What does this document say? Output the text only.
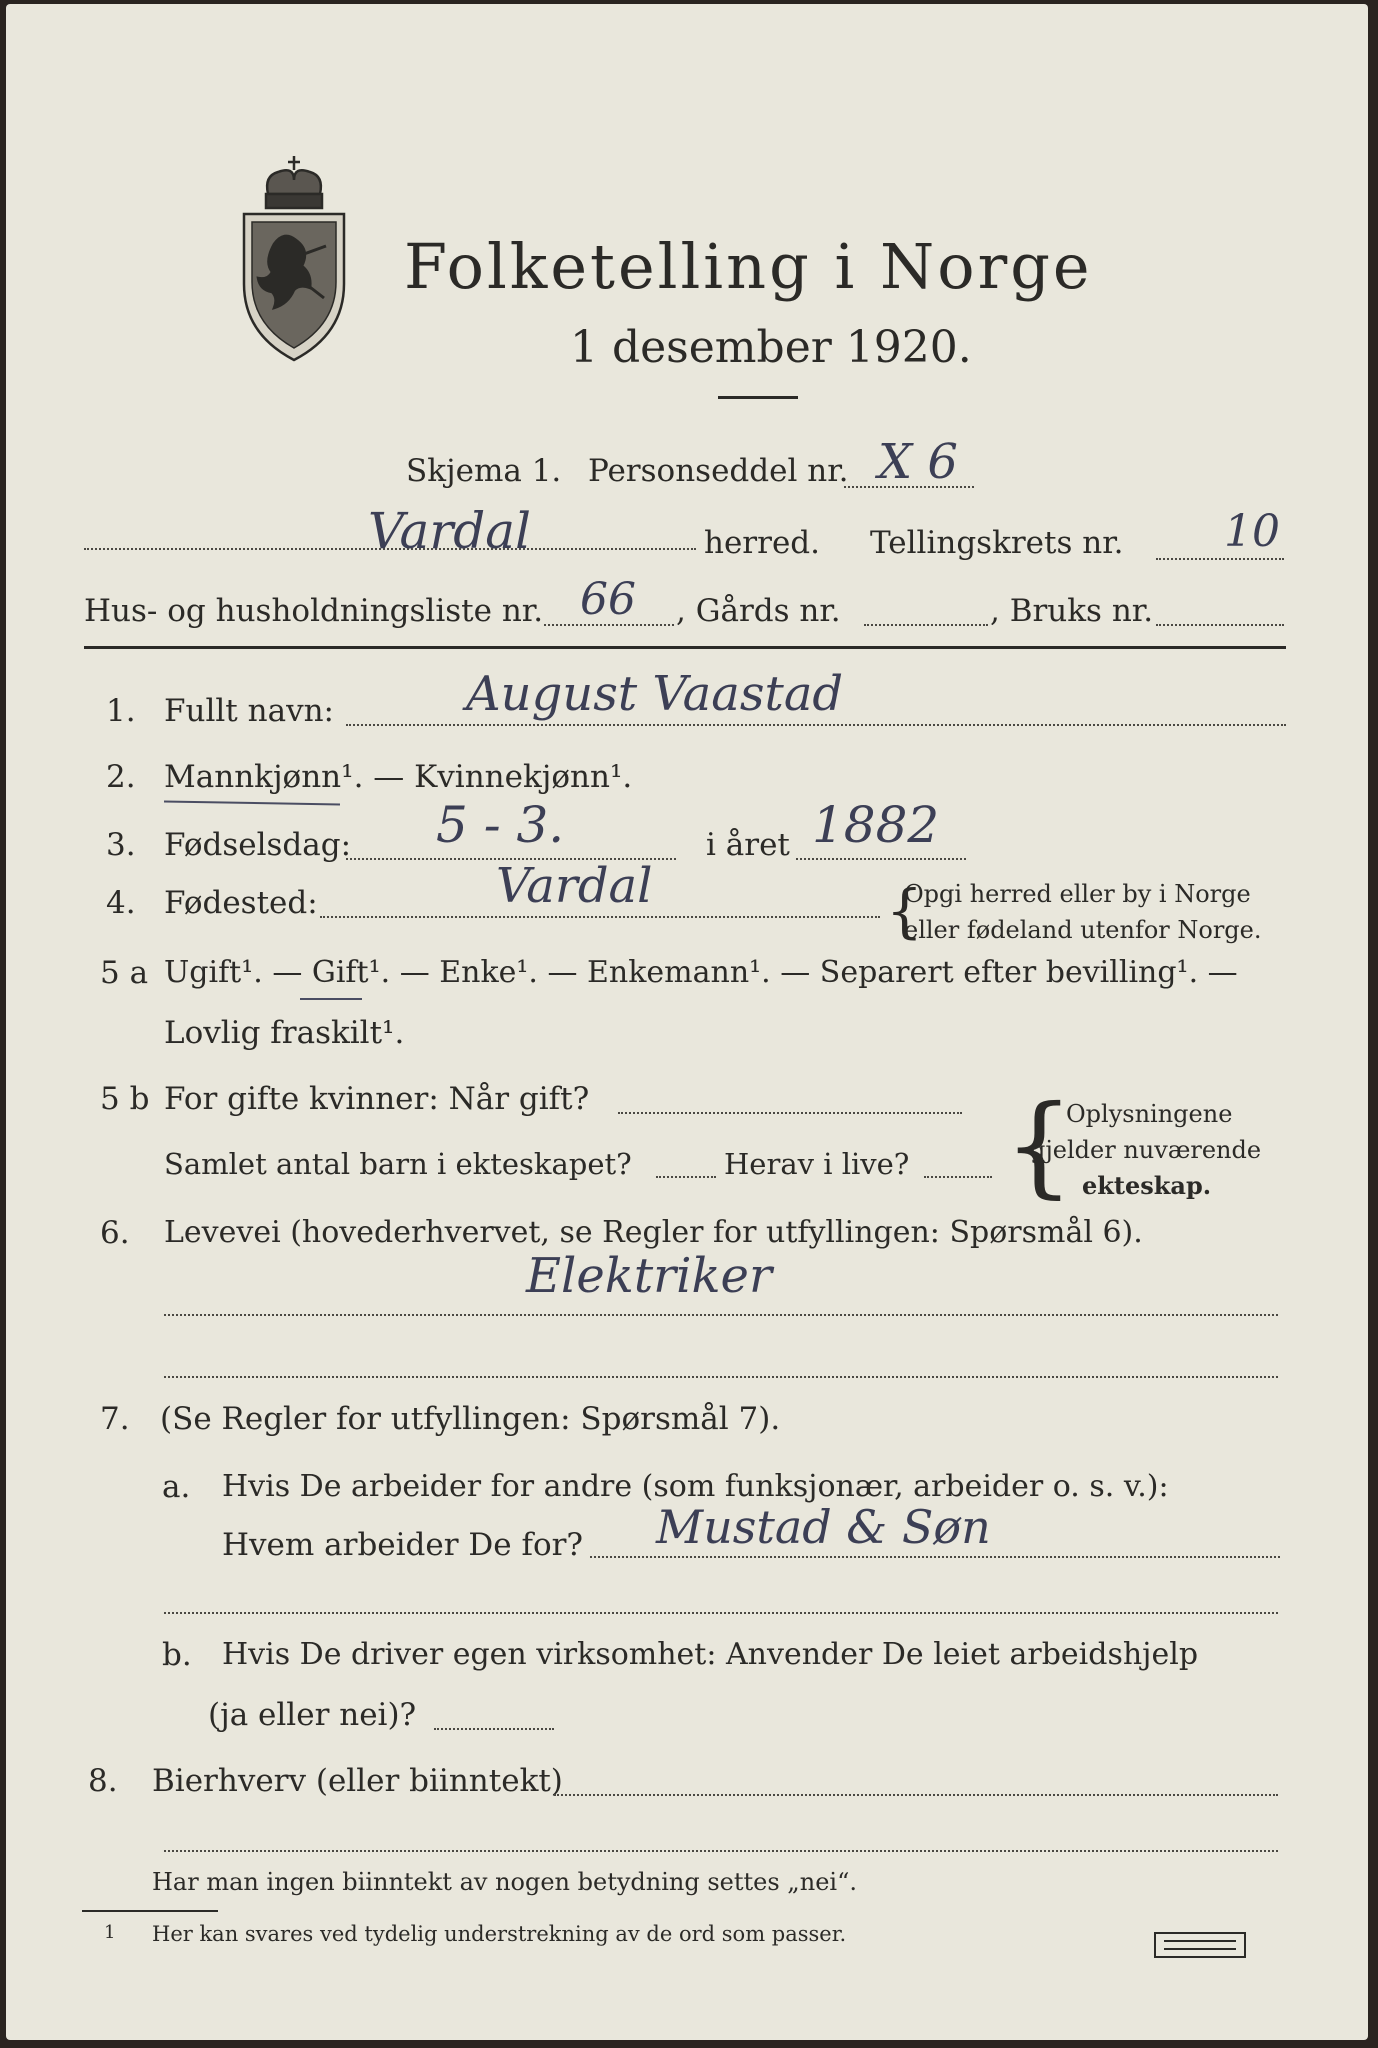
Folketelling i Norge
1 desember 1920.
Skjema 1. Personseddel nr. X 6
Vardal	herred. Tellingskrets nr. 10
Hus- og husholdningsliste nr. 66 , Gårds nr.	, Bruks nr.
1. Fullt navn:	August Vaastad
2. Mannkjønn¹. — Kvinnekjønn¹.
3. Fødselsdag: 5 - 3.	i året 1882
4. Fødested:	Vardal	{
Opgi herred eller by i Norge
eller fødeland utenfor Norge.
5 a Ugift¹. — Gift¹. — Enke¹. — Enkemann¹. — Separert efter bevilling¹. —
Lovlig fraskilt¹.
5 b For gifte kvinner: Når gift?
Samlet antal barn i ekteskapet?	Herav i live? {
Oplysningene
gjelder nuværende
ekteskap.
6. Levevei (hovederhvervet, se Regler for utfyllingen: Spørsmål 6).
Elektriker
7. (Se Regler for utfyllingen: Spørsmål 7).
a. Hvis De arbeider for andre (som funksjonær, arbeider o. s. v.):
Hvem arbeider De for? Mustad & Søn
b. Hvis De driver egen virksomhet: Anvender De leiet arbeidshjelp
(ja eller nei)?
8. Bierhverv (eller biinntekt)
Har man ingen biinntekt av nogen betydning settes „nei“.
1 Her kan svares ved tydelig understrekning av de ord som passer.
